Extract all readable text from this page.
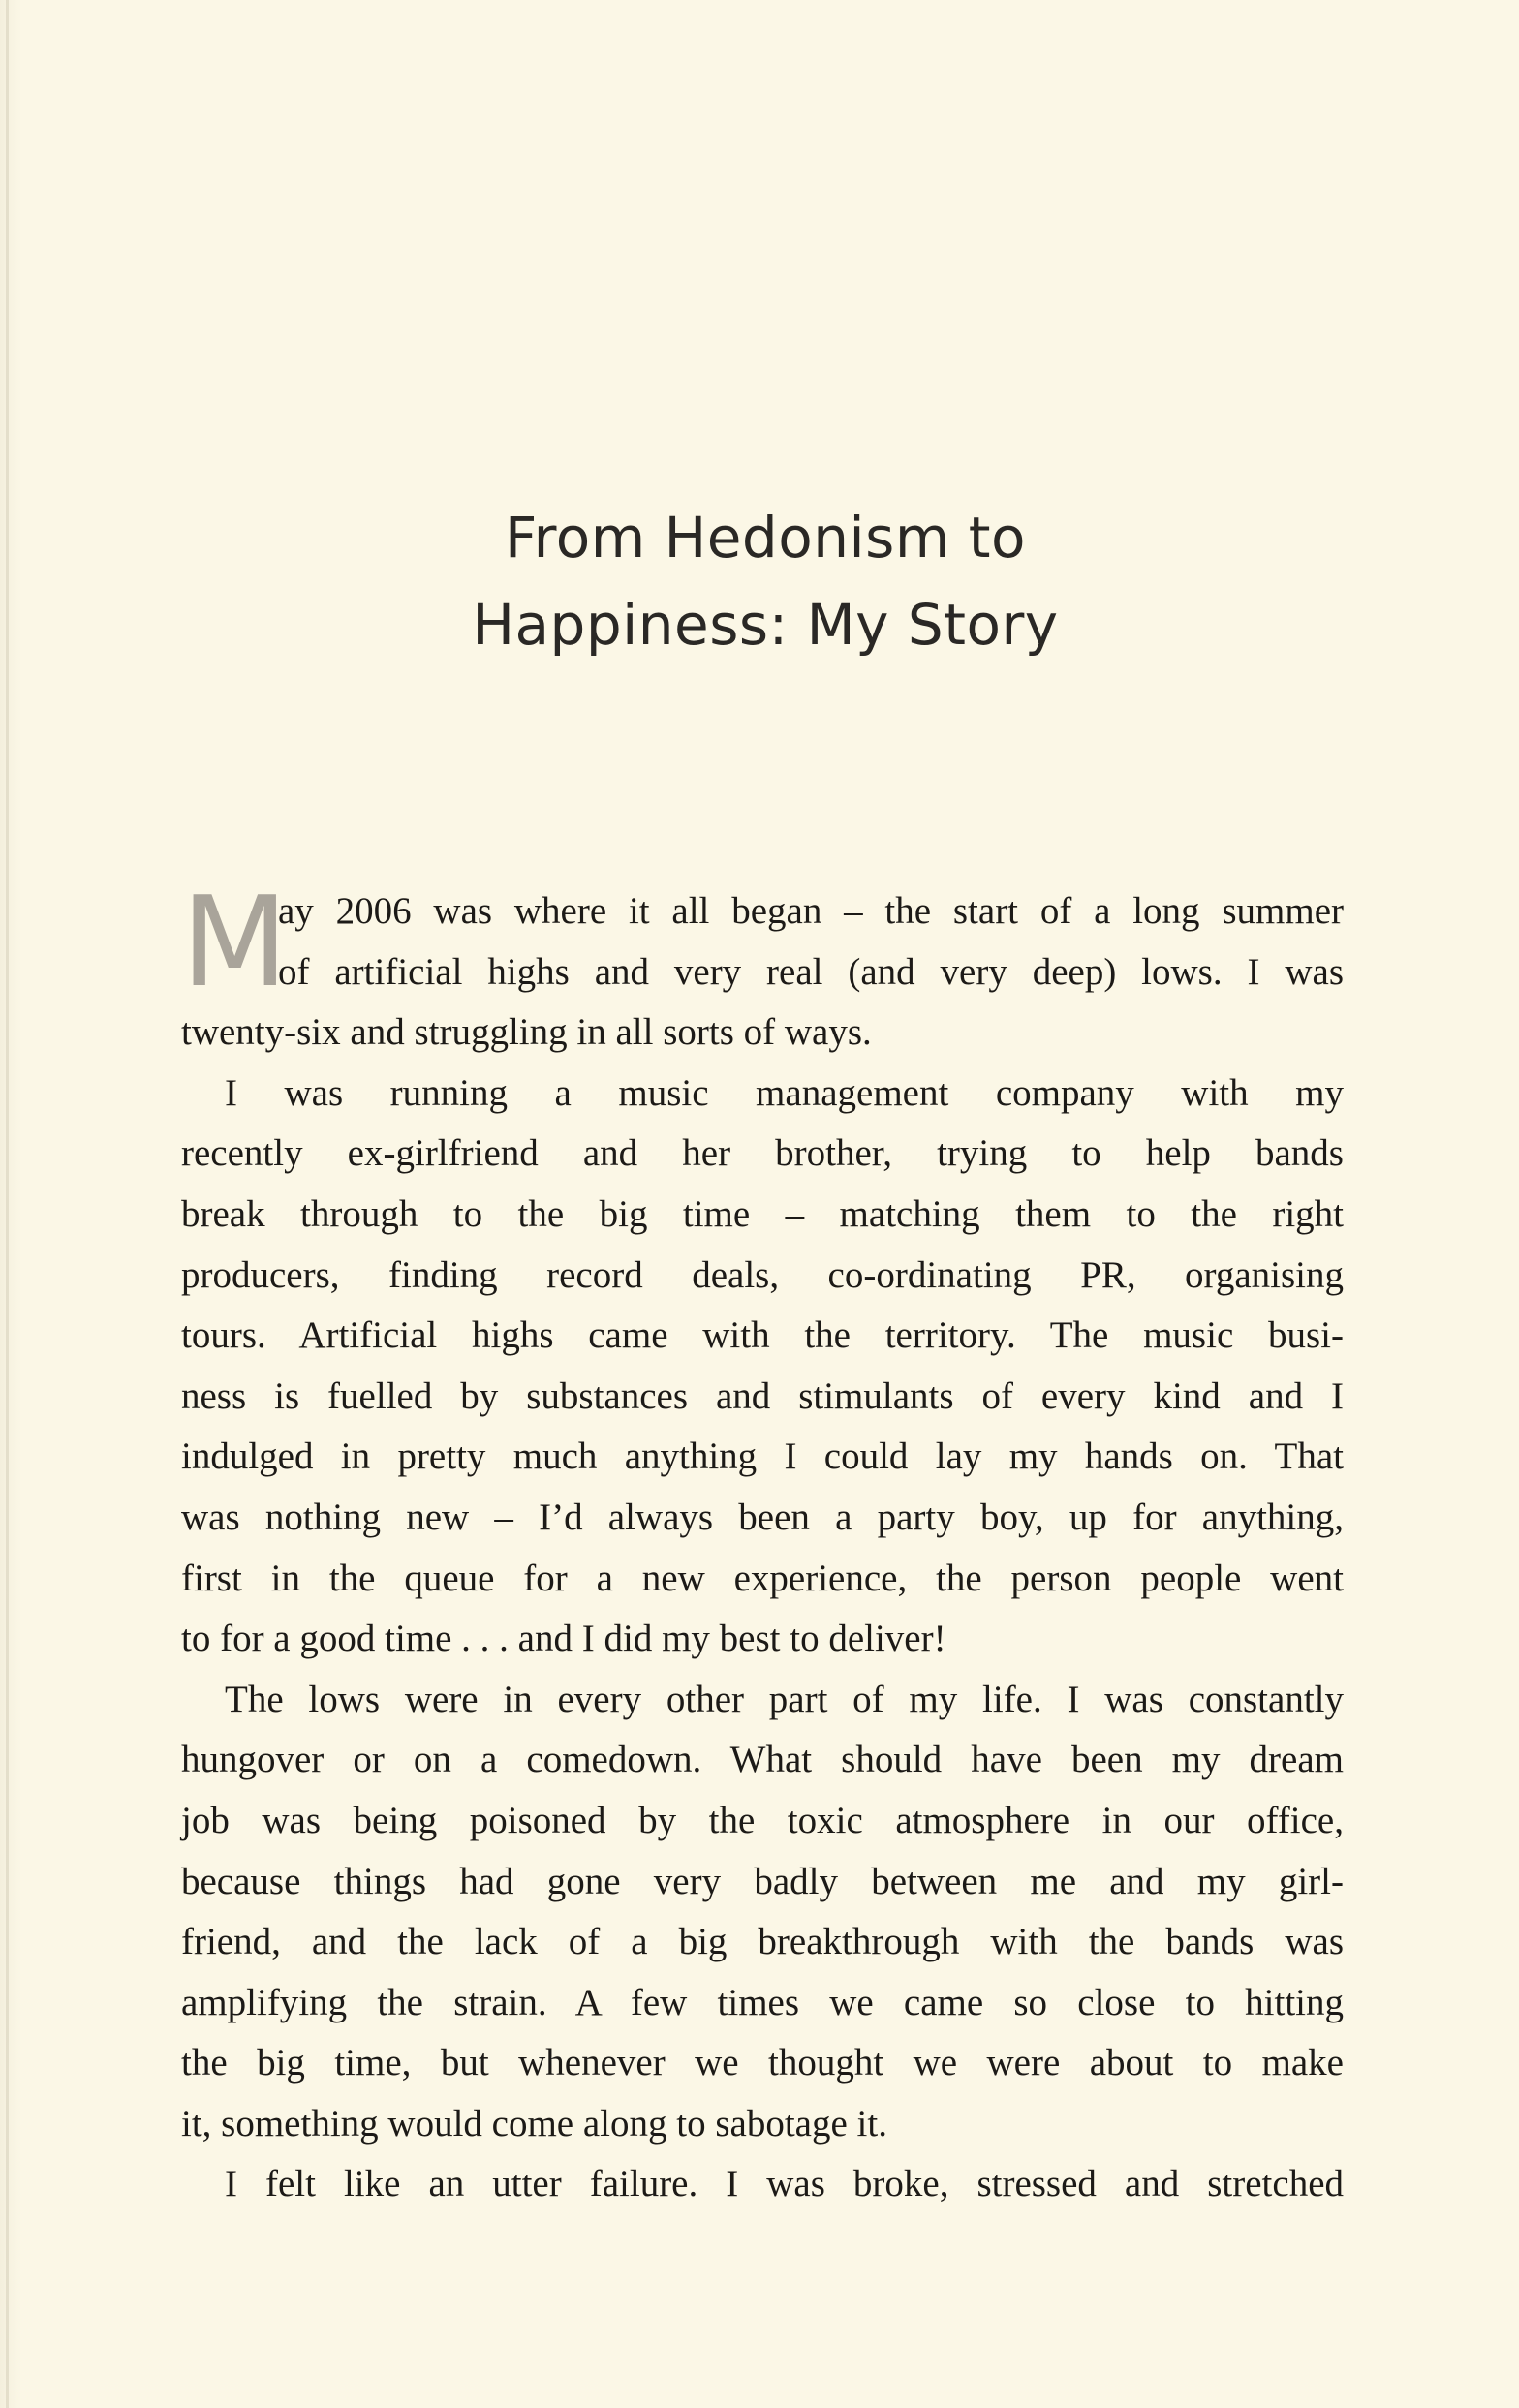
From Hedonism to
Happiness: My Story
M
ay 2006 was where it all began – the start of a long summer
of artificial highs and very real (and very deep) lows. I was
twenty-six and struggling in all sorts of ways.
I was running a music management company with my
recently ex-girlfriend and her brother, trying to help bands
break through to the big time – matching them to the right
producers, finding record deals, co-ordinating PR, organising
tours. Artificial highs came with the territory. The music busi-
ness is fuelled by substances and stimulants of every kind and I
indulged in pretty much anything I could lay my hands on. That
was nothing new – I’d always been a party boy, up for anything,
first in the queue for a new experience, the person people went
to for a good time . . . and I did my best to deliver!
The lows were in every other part of my life. I was constantly
hungover or on a comedown. What should have been my dream
job was being poisoned by the toxic atmosphere in our office,
because things had gone very badly between me and my girl-
friend, and the lack of a big breakthrough with the bands was
amplifying the strain. A few times we came so close to hitting
the big time, but whenever we thought we were about to make
it, something would come along to sabotage it.
I felt like an utter failure. I was broke, stressed and stretched
